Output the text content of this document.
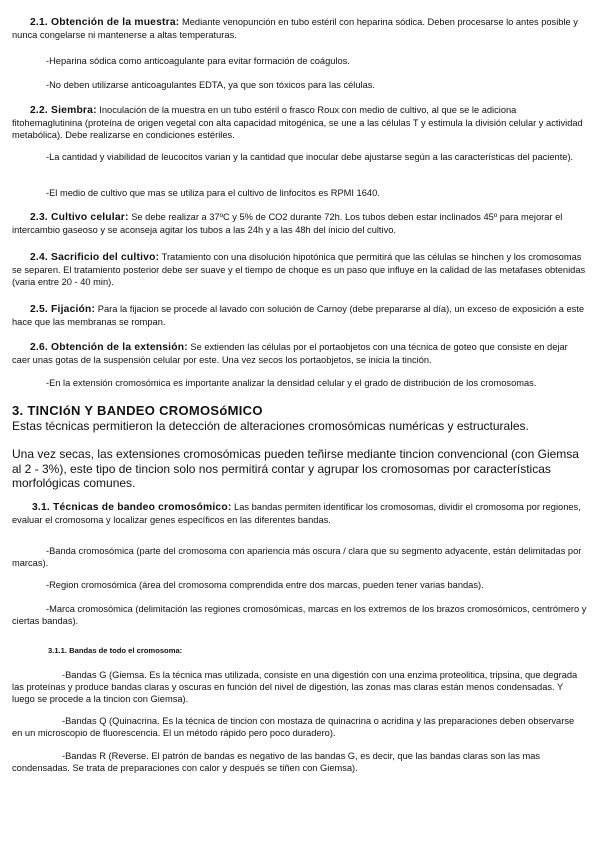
2.1. Obtención de la muestra: Mediante venopunción en tubo estéril con heparina sódica. Deben procesarse lo antes posible y nunca congelarse ni mantenerse a altas temperaturas.

-Heparina sódica como anticoagulante para evitar formación de coágulos.

-No deben utilizarse anticoagulantes EDTA, ya que son tóxicos para las células.

2.2. Siembra: Inoculación de la muestra en un tubo estéril o frasco Roux con medio de cultivo, al que se le adiciona fitohemaglutinina (proteína de origen vegetal con alta capacidad mitogénica, se une a las células T y estimula la división celular y actividad metabólica). Debe realizarse en condiciones estériles.

-La cantidad y viabilidad de leucocitos varian y la cantidad que inocular debe ajustarse según a las características del paciente).

-El medio de cultivo que mas se utiliza para el cultivo de linfocitos es RPMI 1640.

2.3. Cultivo celular: Se debe realizar a 37ºC y 5% de CO2 durante 72h. Los tubos deben estar inclinados 45º para mejorar el intercambio gaseoso y se aconseja agitar los tubos a las 24h y a las 48h del inicio del cultivo.

2.4. Sacrificio del cultivo: Tratamiento con una disolución hipotónica que permitirá que las células se hinchen y los cromosomas se separen. El tratamiento posterior debe ser suave y el tiempo de choque es un paso que influye en la calidad de las metafases obtenidas (varia entre 20 - 40 min).

2.5. Fijación: Para la fijacion se procede al lavado con solución de Carnoy (debe prepararse al día), un exceso de exposición a este hace que las membranas se rompan.

2.6. Obtención de la extensión: Se extienden las células por el portaobjetos con una técnica de goteo que consiste en dejar caer unas gotas de la suspensión celular por este. Una vez secos los portaobjetos, se inicia la tinción.

-En la extensión cromosómica es importante analizar la densidad celular y el grado de distribución de los cromosomas.

3. TINCIóN Y BANDEO CROMOSóMICO

Estas técnicas permitieron la detección de alteraciones cromosómicas numéricas y estructurales.

Una vez secas, las extensiones cromosómicas pueden teñirse mediante tincion convencional (con Giemsa al 2 - 3%), este tipo de tincion solo nos permitirá contar y agrupar los cromosomas por características morfológicas comunes.

3.1. Técnicas de bandeo cromosómico: Las bandas permiten identificar los cromosomas, dividir el cromosoma por regiones, evaluar el cromosoma y localizar genes específicos en las diferentes bandas.

-Banda cromosómica (parte del cromosoma con apariencia más oscura / clara que su segmento adyacente, están delimitadas por marcas).

-Region cromosómica (área del cromosoma comprendida entre dos marcas, pueden tener varias bandas).

-Marca cromosómica (delimitación las regiones cromosómicas, marcas en los extremos de los brazos cromosómicos, centrómero y ciertas bandas).

3.1.1. Bandas de todo el cromosoma:

-Bandas G (Giemsa. Es la técnica mas utilizada, consiste en una digestión con una enzima proteolitica, tripsina, que degrada las proteínas y produce bandas claras y oscuras en función del nivel de digestión, las zonas mas claras están menos condensadas. Y luego se procede a la tincion con Giemsa).

-Bandas Q (Quinacrina. Es la técnica de tincion con mostaza de quinacrina o acridina y las preparaciones deben observarse en un microscopio de fluorescencia. El un método rápido pero poco duradero).

-Bandas R (Reverse. El patrón de bandas es negativo de las bandas G, es decir, que las bandas claras son las mas condensadas. Se trata de preparaciones con calor y después se tiñen con Giemsa).
